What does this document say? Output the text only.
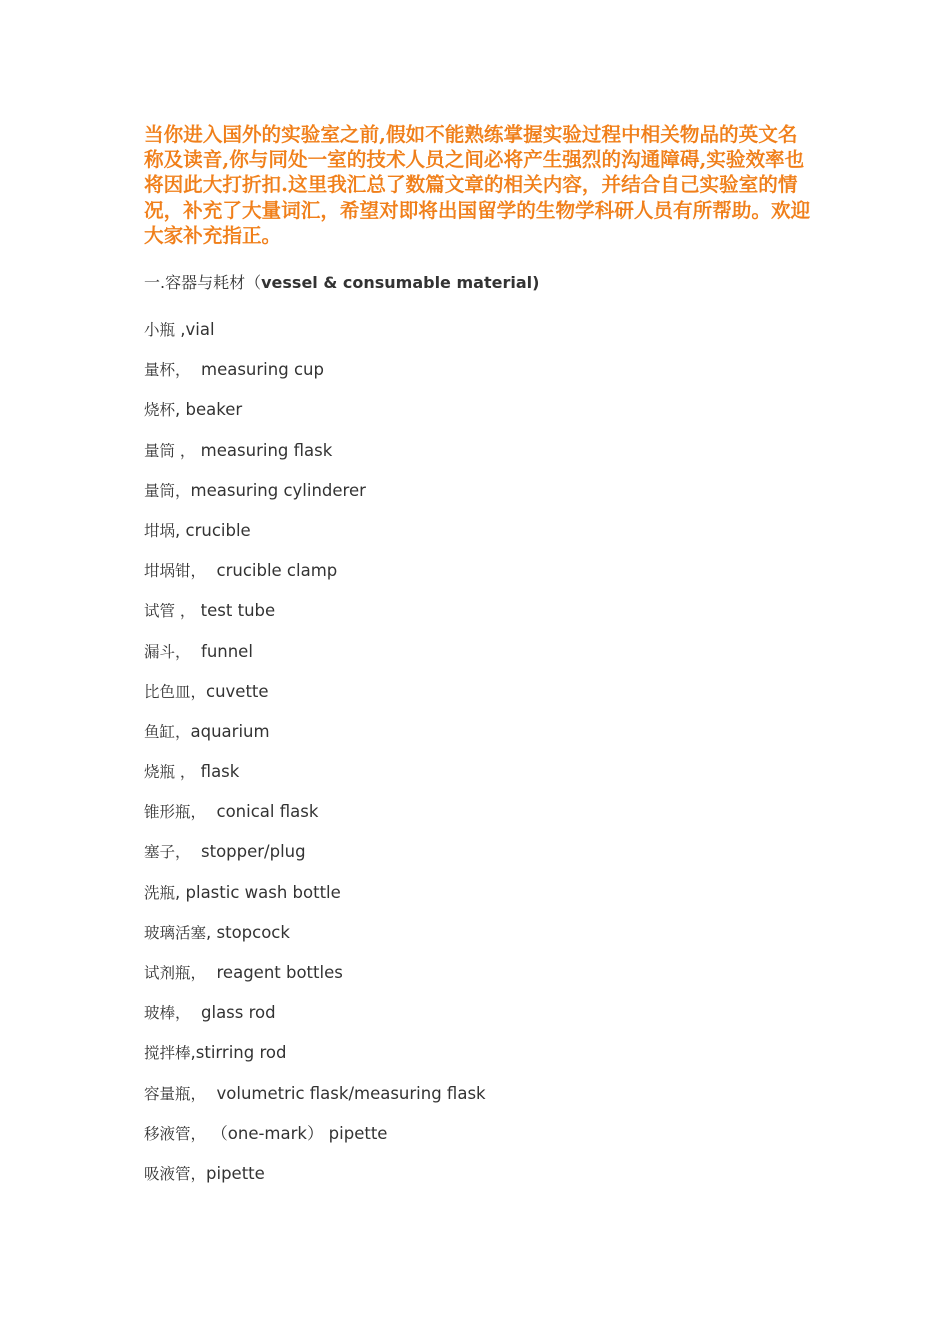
当你进入国外的实验室之前,假如不能熟练掌握实验过程中相关物品的英文名称及读音,你与同处一室的技术人员之间必将产生强烈的沟通障碍,实验效率也将因此大打折扣.这里我汇总了数篇文章的相关内容，并结合自己实验室的情况，补充了大量词汇，希望对即将出国留学的生物学科研人员有所帮助。欢迎大家补充指正。

一.容器与耗材（vessel & consumable material)

小瓶 ,vial
量杯，  measuring cup
烧杯, beaker
量筒 ， measuring flask
量筒，measuring cylinderer
坩埚, crucible
坩埚钳，  crucible clamp
试管 ， test tube
漏斗，  funnel
比色皿，cuvette
鱼缸，aquarium
烧瓶 ， flask
锥形瓶，  conical flask
塞子，  stopper/plug
洗瓶, plastic wash bottle
玻璃活塞, stopcock
试剂瓶，  reagent bottles
玻棒，  glass rod
搅拌棒,stirring rod
容量瓶，  volumetric flask/measuring flask
移液管， （one-mark） pipette
吸液管，pipette
